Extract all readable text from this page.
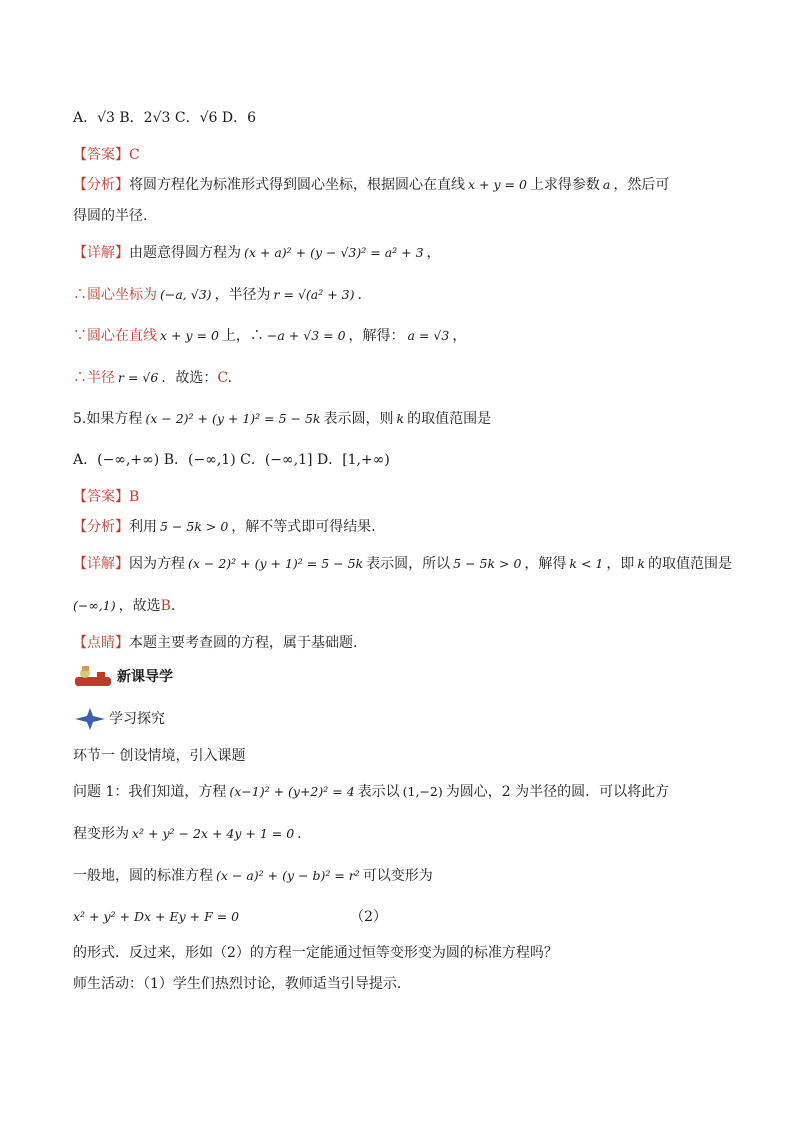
A．√3 B．2√3 C．√6 D．6
【答案】C
【分析】将圆方程化为标准形式得到圆心坐标，根据圆心在直线 x + y = 0 上求得参数 a ，然后可
得圆的半径.
【详解】由题意得圆方程为 (x + a)² + (y − √3)² = a² + 3 ，
∴圆心坐标为 (−a, √3) ，半径为 r = √(a² + 3) .
∵圆心在直线 x + y = 0 上，∴ −a + √3 = 0 ，解得： a = √3 ，
∴半径 r = √6 ．故选：C.
5.如果方程 (x − 2)² + (y + 1)² = 5 − 5k 表示圆，则 k 的取值范围是
A．(−∞,+∞) B．(−∞,1) C．(−∞,1] D．[1,+∞)
【答案】B
【分析】利用 5 − 5k > 0 ，解不等式即可得结果.
【详解】因为方程 (x − 2)² + (y + 1)² = 5 − 5k 表示圆，所以 5 − 5k > 0 ，解得 k < 1 ，即 k 的取值范围是
(−∞,1) ，故选B.
【点睛】本题主要考查圆的方程，属于基础题.
新课导学
学习探究
环节一 创设情境，引入课题
问题 1：我们知道，方程 (x−1)² + (y+2)² = 4 表示以 (1,−2) 为圆心，2 为半径的圆．可以将此方
程变形为 x² + y² − 2x + 4y + 1 = 0 .
一般地，圆的标准方程 (x − a)² + (y − b)² = r² 可以变形为
x² + y² + Dx + Ey + F = 0	（2）
的形式．反过来，形如（2）的方程一定能通过恒等变形变为圆的标准方程吗？
师生活动：（1）学生们热烈讨论，教师适当引导提示.
